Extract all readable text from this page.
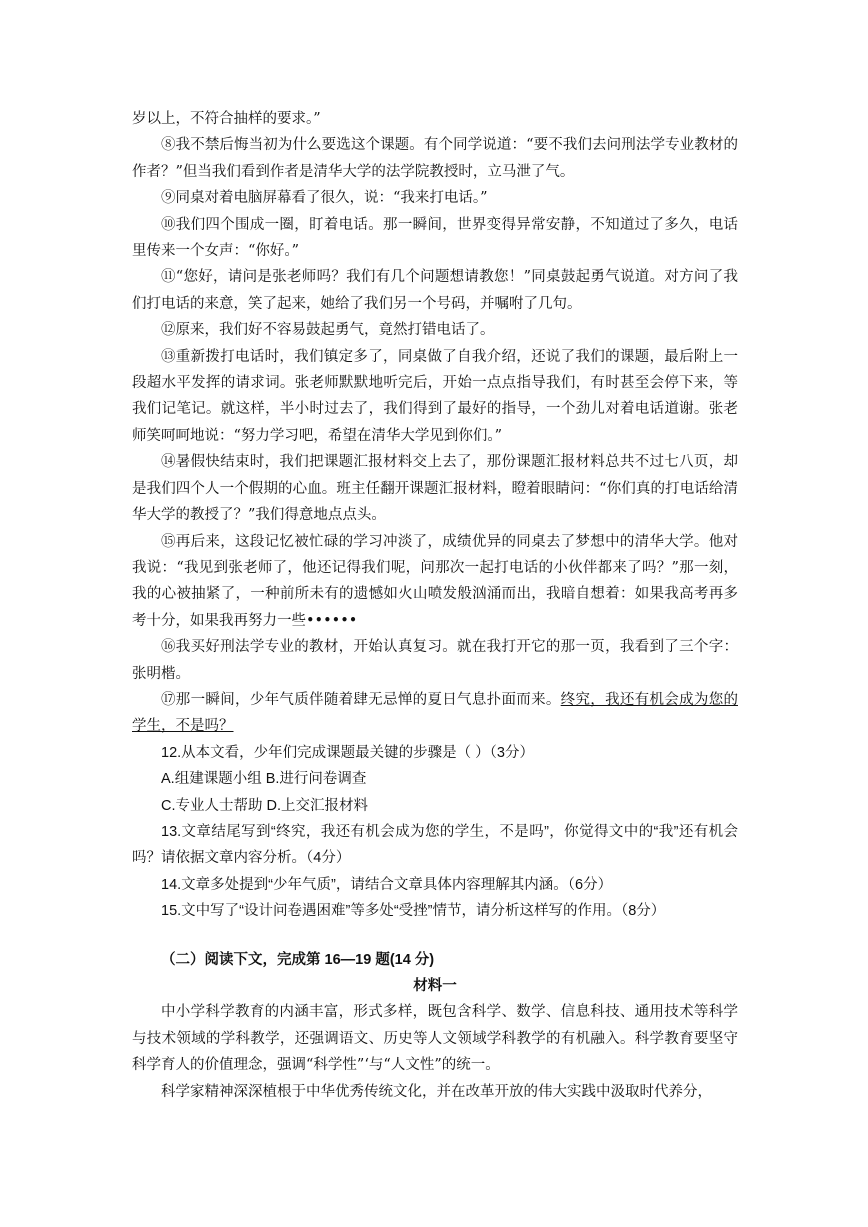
岁以上，不符合抽样的要求。”

⑧我不禁后悔当初为什么要选这个课题。有个同学说道：“要不我们去问刑法学专业教材的作者？”但当我们看到作者是清华大学的法学院教授时，立马泄了气。

⑨同桌对着电脑屏幕看了很久，说：“我来打电话。”

⑩我们四个围成一圈，盯着电话。那一瞬间，世界变得异常安静，不知道过了多久，电话里传来一个女声：“你好。”

⑪“您好，请问是张老师吗？我们有几个问题想请教您！”同桌鼓起勇气说道。对方问了我们打电话的来意，笑了起来，她给了我们另一个号码，并嘱咐了几句。

⑫原来，我们好不容易鼓起勇气，竟然打错电话了。

⑬重新拨打电话时，我们镇定多了，同桌做了自我介绍，还说了我们的课题，最后附上一段超水平发挥的请求词。张老师默默地听完后，开始一点点指导我们，有时甚至会停下来，等我们记笔记。就这样，半小时过去了，我们得到了最好的指导，一个劲儿对着电话道谢。张老师笑呵呵地说：“努力学习吧，希望在清华大学见到你们。”

⑭暑假快结束时，我们把课题汇报材料交上去了，那份课题汇报材料总共不过七八页，却是我们四个人一个假期的心血。班主任翻开课题汇报材料，瞪着眼睛问：“你们真的打电话给清华大学的教授了？”我们得意地点点头。

⑮再后来，这段记忆被忙碌的学习冲淡了，成绩优异的同桌去了梦想中的清华大学。他对我说：“我见到张老师了，他还记得我们呢，问那次一起打电话的小伙伴都来了吗？”那一刻，我的心被抽紧了，一种前所未有的遗憾如火山喷发般汹涌而出，我暗自想着：如果我高考再多考十分，如果我再努力一些••••••

⑯我买好刑法学专业的教材，开始认真复习。就在我打开它的那一页，我看到了三个字：张明楷。

⑰那一瞬间，少年气质伴随着肆无忌惮的夏日气息扑面而来。终究，我还有机会成为您的学生，不是吗？

12.从本文看，少年们完成课题最关键的步骤是（ ）（3分）

A.组建课题小组 B.进行问卷调查

C.专业人士帮助 D.上交汇报材料

13.文章结尾写到“终究，我还有机会成为您的学生，不是吗”，你觉得文中的“我”还有机会吗？请依据文章内容分析。（4分）

14.文章多处提到“少年气质”，请结合文章具体内容理解其内涵。（6分）

15.文中写了“设计问卷遇困难”等多处“受挫”情节，请分析这样写的作用。（8分）

（二）阅读下文，完成第 16—19 题(14 分)

材料一

中小学科学教育的内涵丰富，形式多样，既包含科学、数学、信息科技、通用技术等科学与技术领域的学科教学，还强调语文、历史等人文领域学科教学的有机融入。科学教育要坚守科学育人的价值理念，强调“科学性”‘与“人文性”的统一。

科学家精神深深植根于中华优秀传统文化，并在改革开放的伟大实践中汲取时代养分，
